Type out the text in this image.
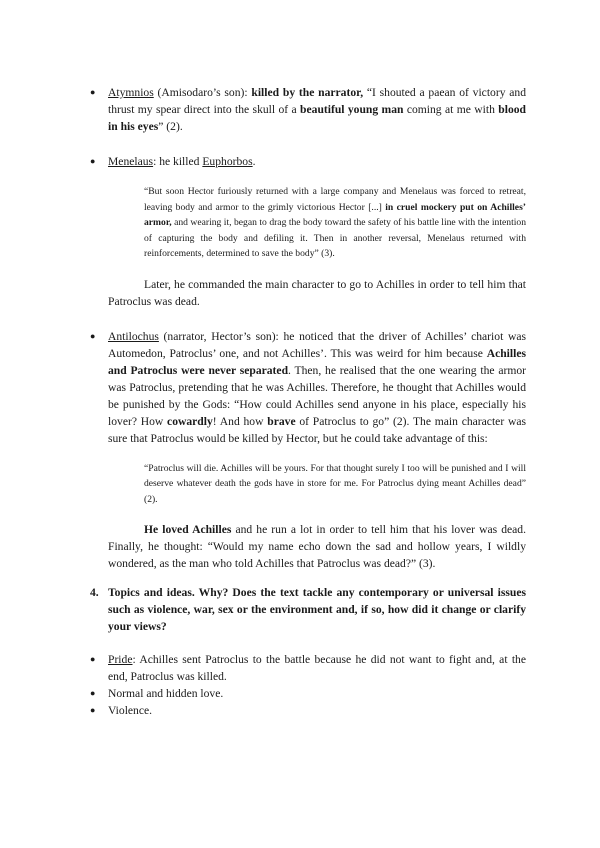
● Atymnios (Amisodaro’s son): killed by the narrator, “I shouted a paean of victory and thrust my spear direct into the skull of a beautiful young man coming at me with blood in his eyes” (2).
● Menelaus: he killed Euphorbos.
“But soon Hector furiously returned with a large company and Menelaus was forced to retreat, leaving body and armor to the grimly victorious Hector [...] in cruel mockery put on Achilles’ armor, and wearing it, began to drag the body toward the safety of his battle line with the intention of capturing the body and defiling it. Then in another reversal, Menelaus returned with reinforcements, determined to save the body” (3).
Later, he commanded the main character to go to Achilles in order to tell him that Patroclus was dead.
● Antilochus (narrator, Hector’s son): he noticed that the driver of Achilles’ chariot was Automedon, Patroclus’ one, and not Achilles’. This was weird for him because Achilles and Patroclus were never separated. Then, he realised that the one wearing the armor was Patroclus, pretending that he was Achilles. Therefore, he thought that Achilles would be punished by the Gods: “How could Achilles send anyone in his place, especially his lover? How cowardly! And how brave of Patroclus to go” (2). The main character was sure that Patroclus would be killed by Hector, but he could take advantage of this:
“Patroclus will die. Achilles will be yours. For that thought surely I too will be punished and I will deserve whatever death the gods have in store for me. For Patroclus dying meant Achilles dead” (2).
He loved Achilles and he run a lot in order to tell him that his lover was dead. Finally, he thought: “Would my name echo down the sad and hollow years, I wildly wondered, as the man who told Achilles that Patroclus was dead?” (3).
4. Topics and ideas. Why? Does the text tackle any contemporary or universal issues such as violence, war, sex or the environment and, if so, how did it change or clarify your views?
● Pride: Achilles sent Patroclus to the battle because he did not want to fight and, at the end, Patroclus was killed.
● Normal and hidden love.
● Violence.
